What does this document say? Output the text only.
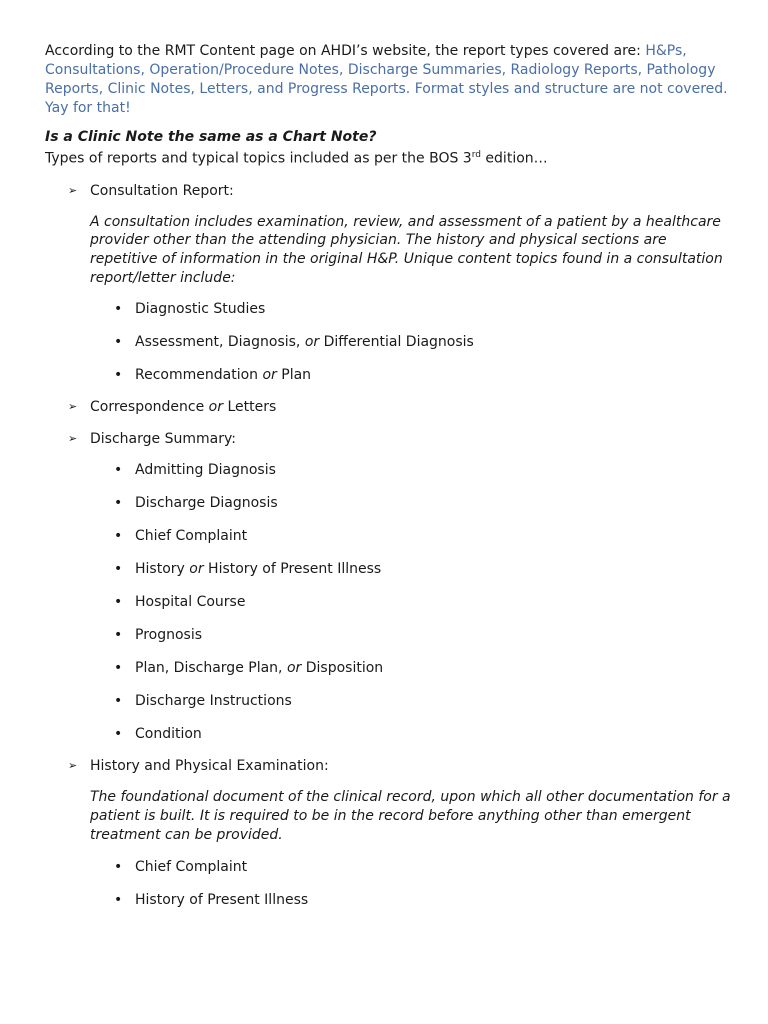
According to the RMT Content page on AHDI’s website, the report types covered are: H&Ps, Consultations, Operation/Procedure Notes, Discharge Summaries, Radiology Reports, Pathology Reports, Clinic Notes, Letters, and Progress Reports. Format styles and structure are not covered. Yay for that!

Is a Clinic Note the same as a Chart Note?

Types of reports and typical topics included as per the BOS 3rd edition…

➢ Consultation Report:
A consultation includes examination, review, and assessment of a patient by a healthcare provider other than the attending physician. The history and physical sections are repetitive of information in the original H&P. Unique content topics found in a consultation report/letter include:
• Diagnostic Studies
• Assessment, Diagnosis, or Differential Diagnosis
• Recommendation or Plan
➢ Correspondence or Letters
➢ Discharge Summary:
• Admitting Diagnosis
• Discharge Diagnosis
• Chief Complaint
• History or History of Present Illness
• Hospital Course
• Prognosis
• Plan, Discharge Plan, or Disposition
• Discharge Instructions
• Condition
➢ History and Physical Examination:
The foundational document of the clinical record, upon which all other documentation for a patient is built. It is required to be in the record before anything other than emergent treatment can be provided.
• Chief Complaint
• History of Present Illness
